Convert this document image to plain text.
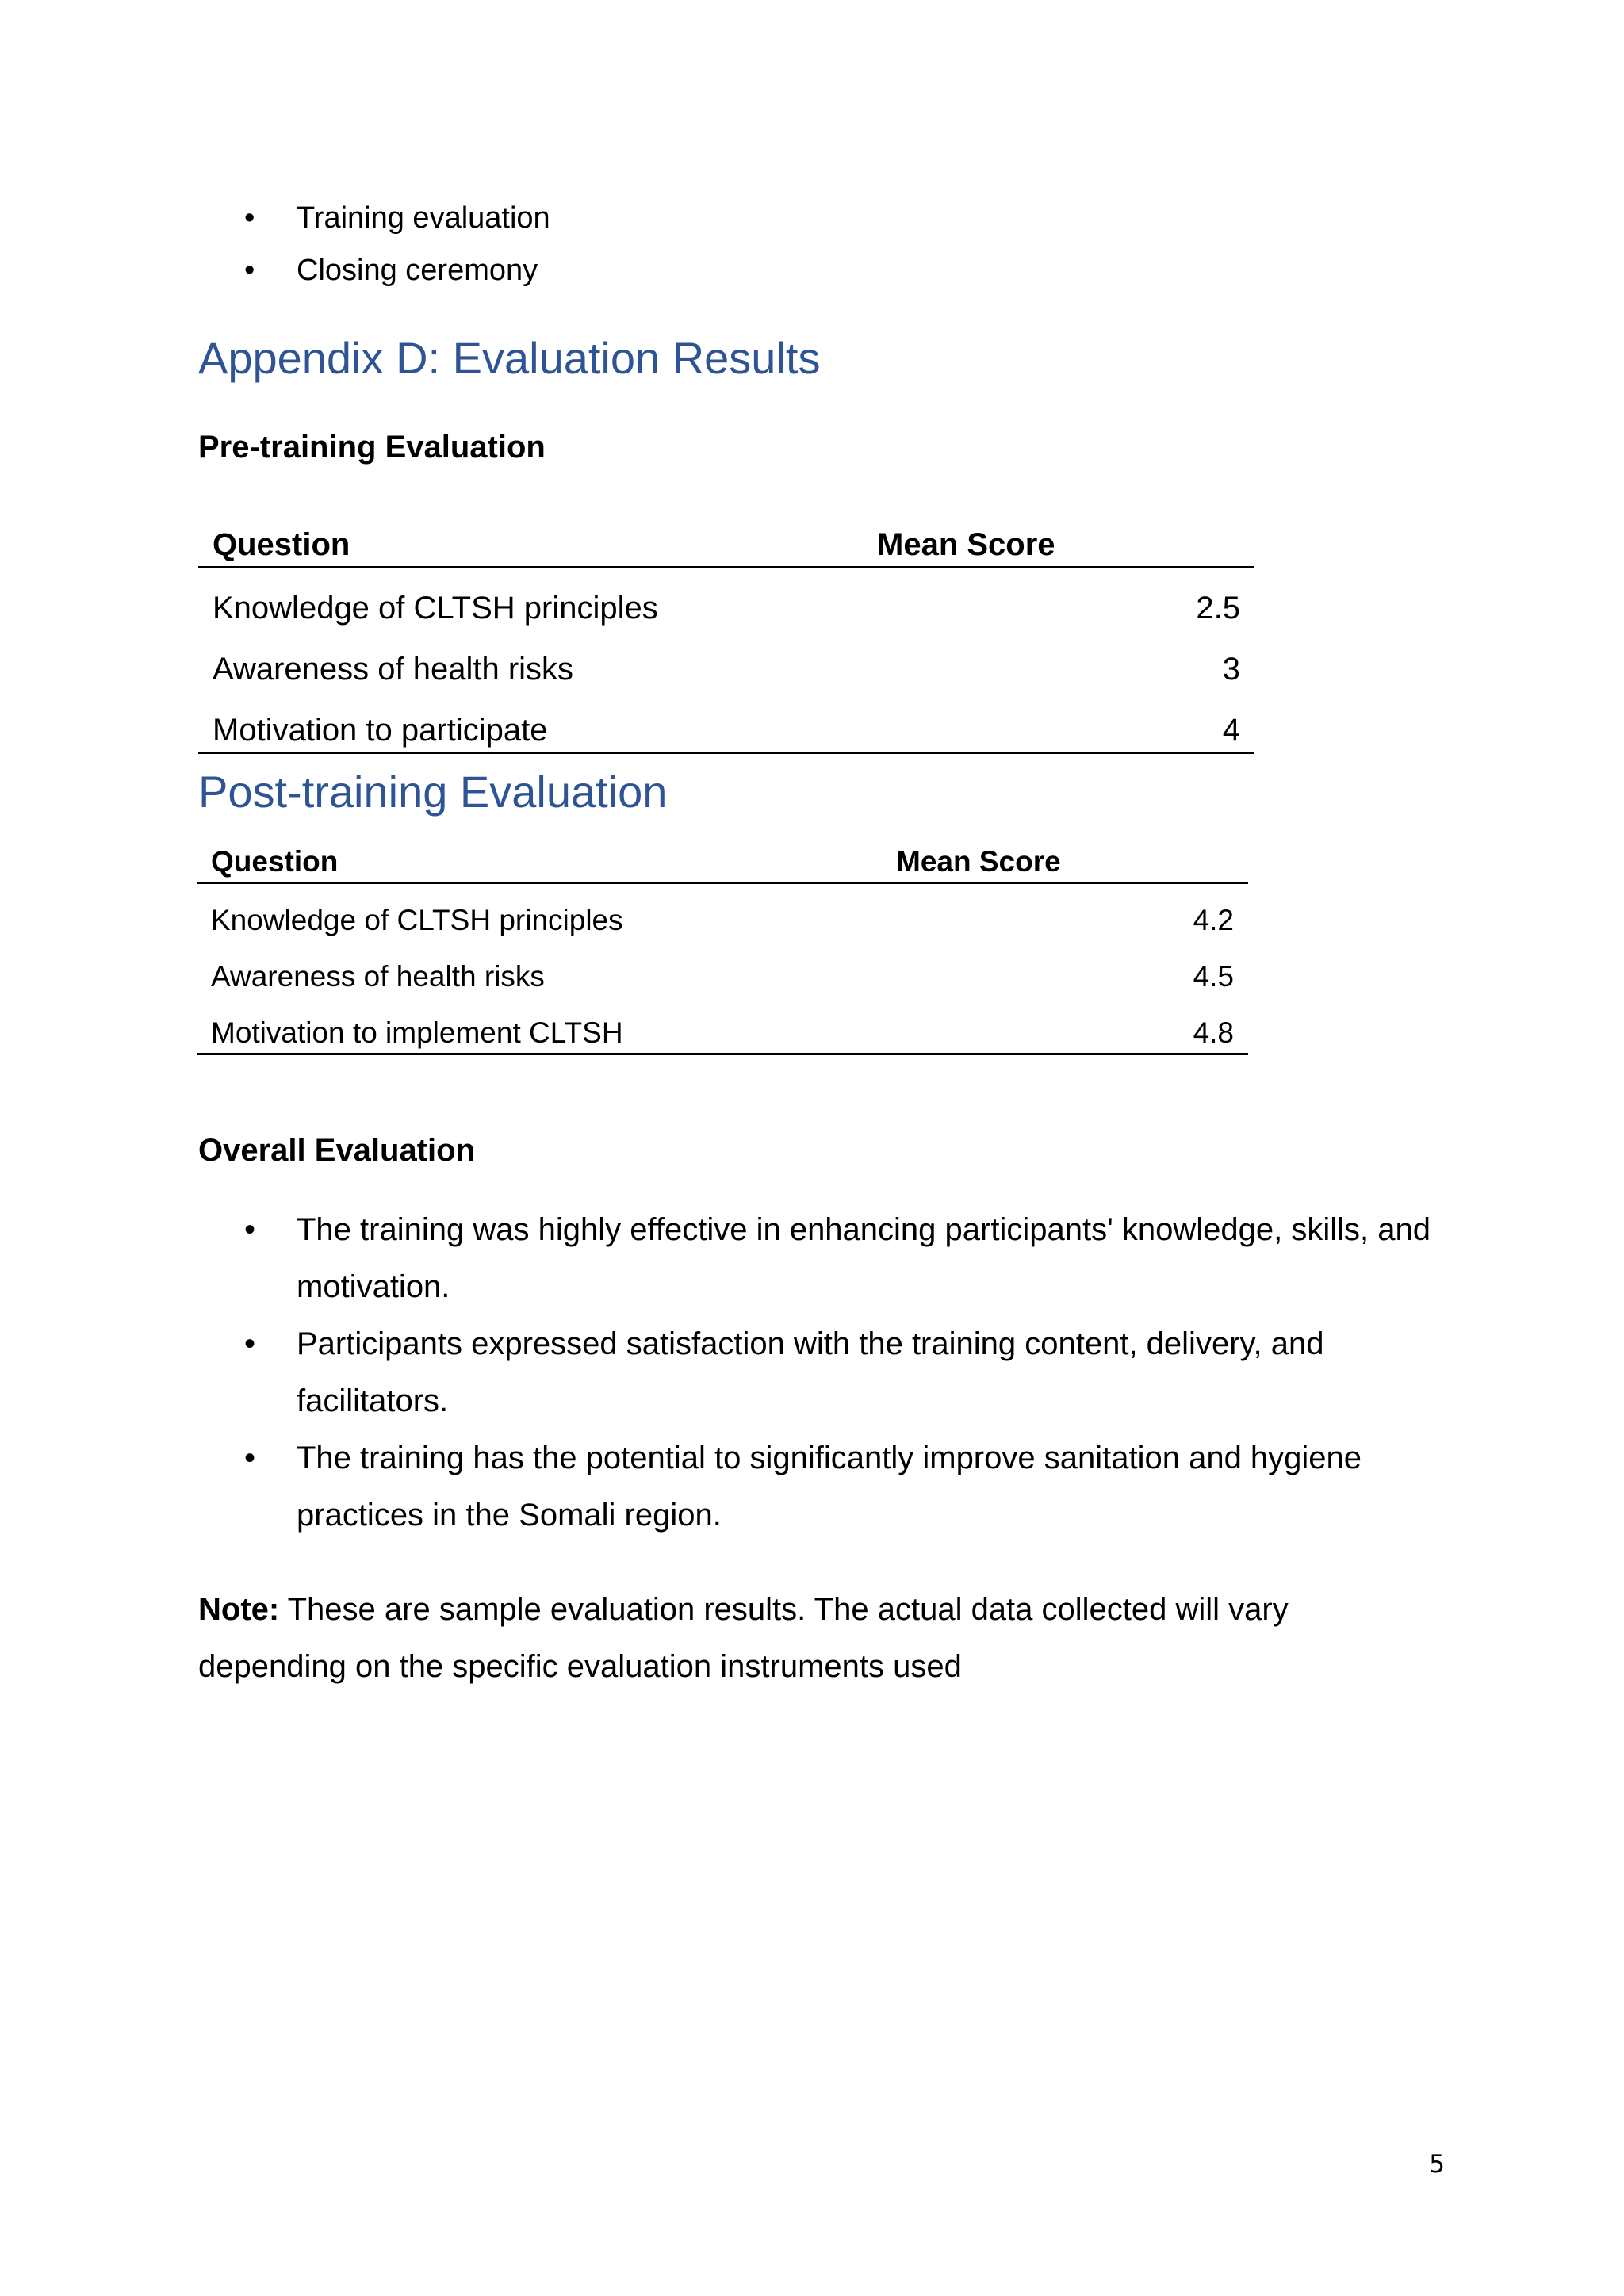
• Training evaluation
• Closing ceremony
Appendix D: Evaluation Results
Pre-training Evaluation
Question	Mean Score
Knowledge of CLTSH principles	2.5
Awareness of health risks	3
Motivation to participate	4
Post-training Evaluation
Question	Mean Score
Knowledge of CLTSH principles	4.2
Awareness of health risks	4.5
Motivation to implement CLTSH	4.8
Overall Evaluation
• The training was highly effective in enhancing participants' knowledge, skills, and motivation.
• Participants expressed satisfaction with the training content, delivery, and facilitators.
• The training has the potential to significantly improve sanitation and hygiene practices in the Somali region.

Note: These are sample evaluation results. The actual data collected will vary depending on the specific evaluation instruments used

5
